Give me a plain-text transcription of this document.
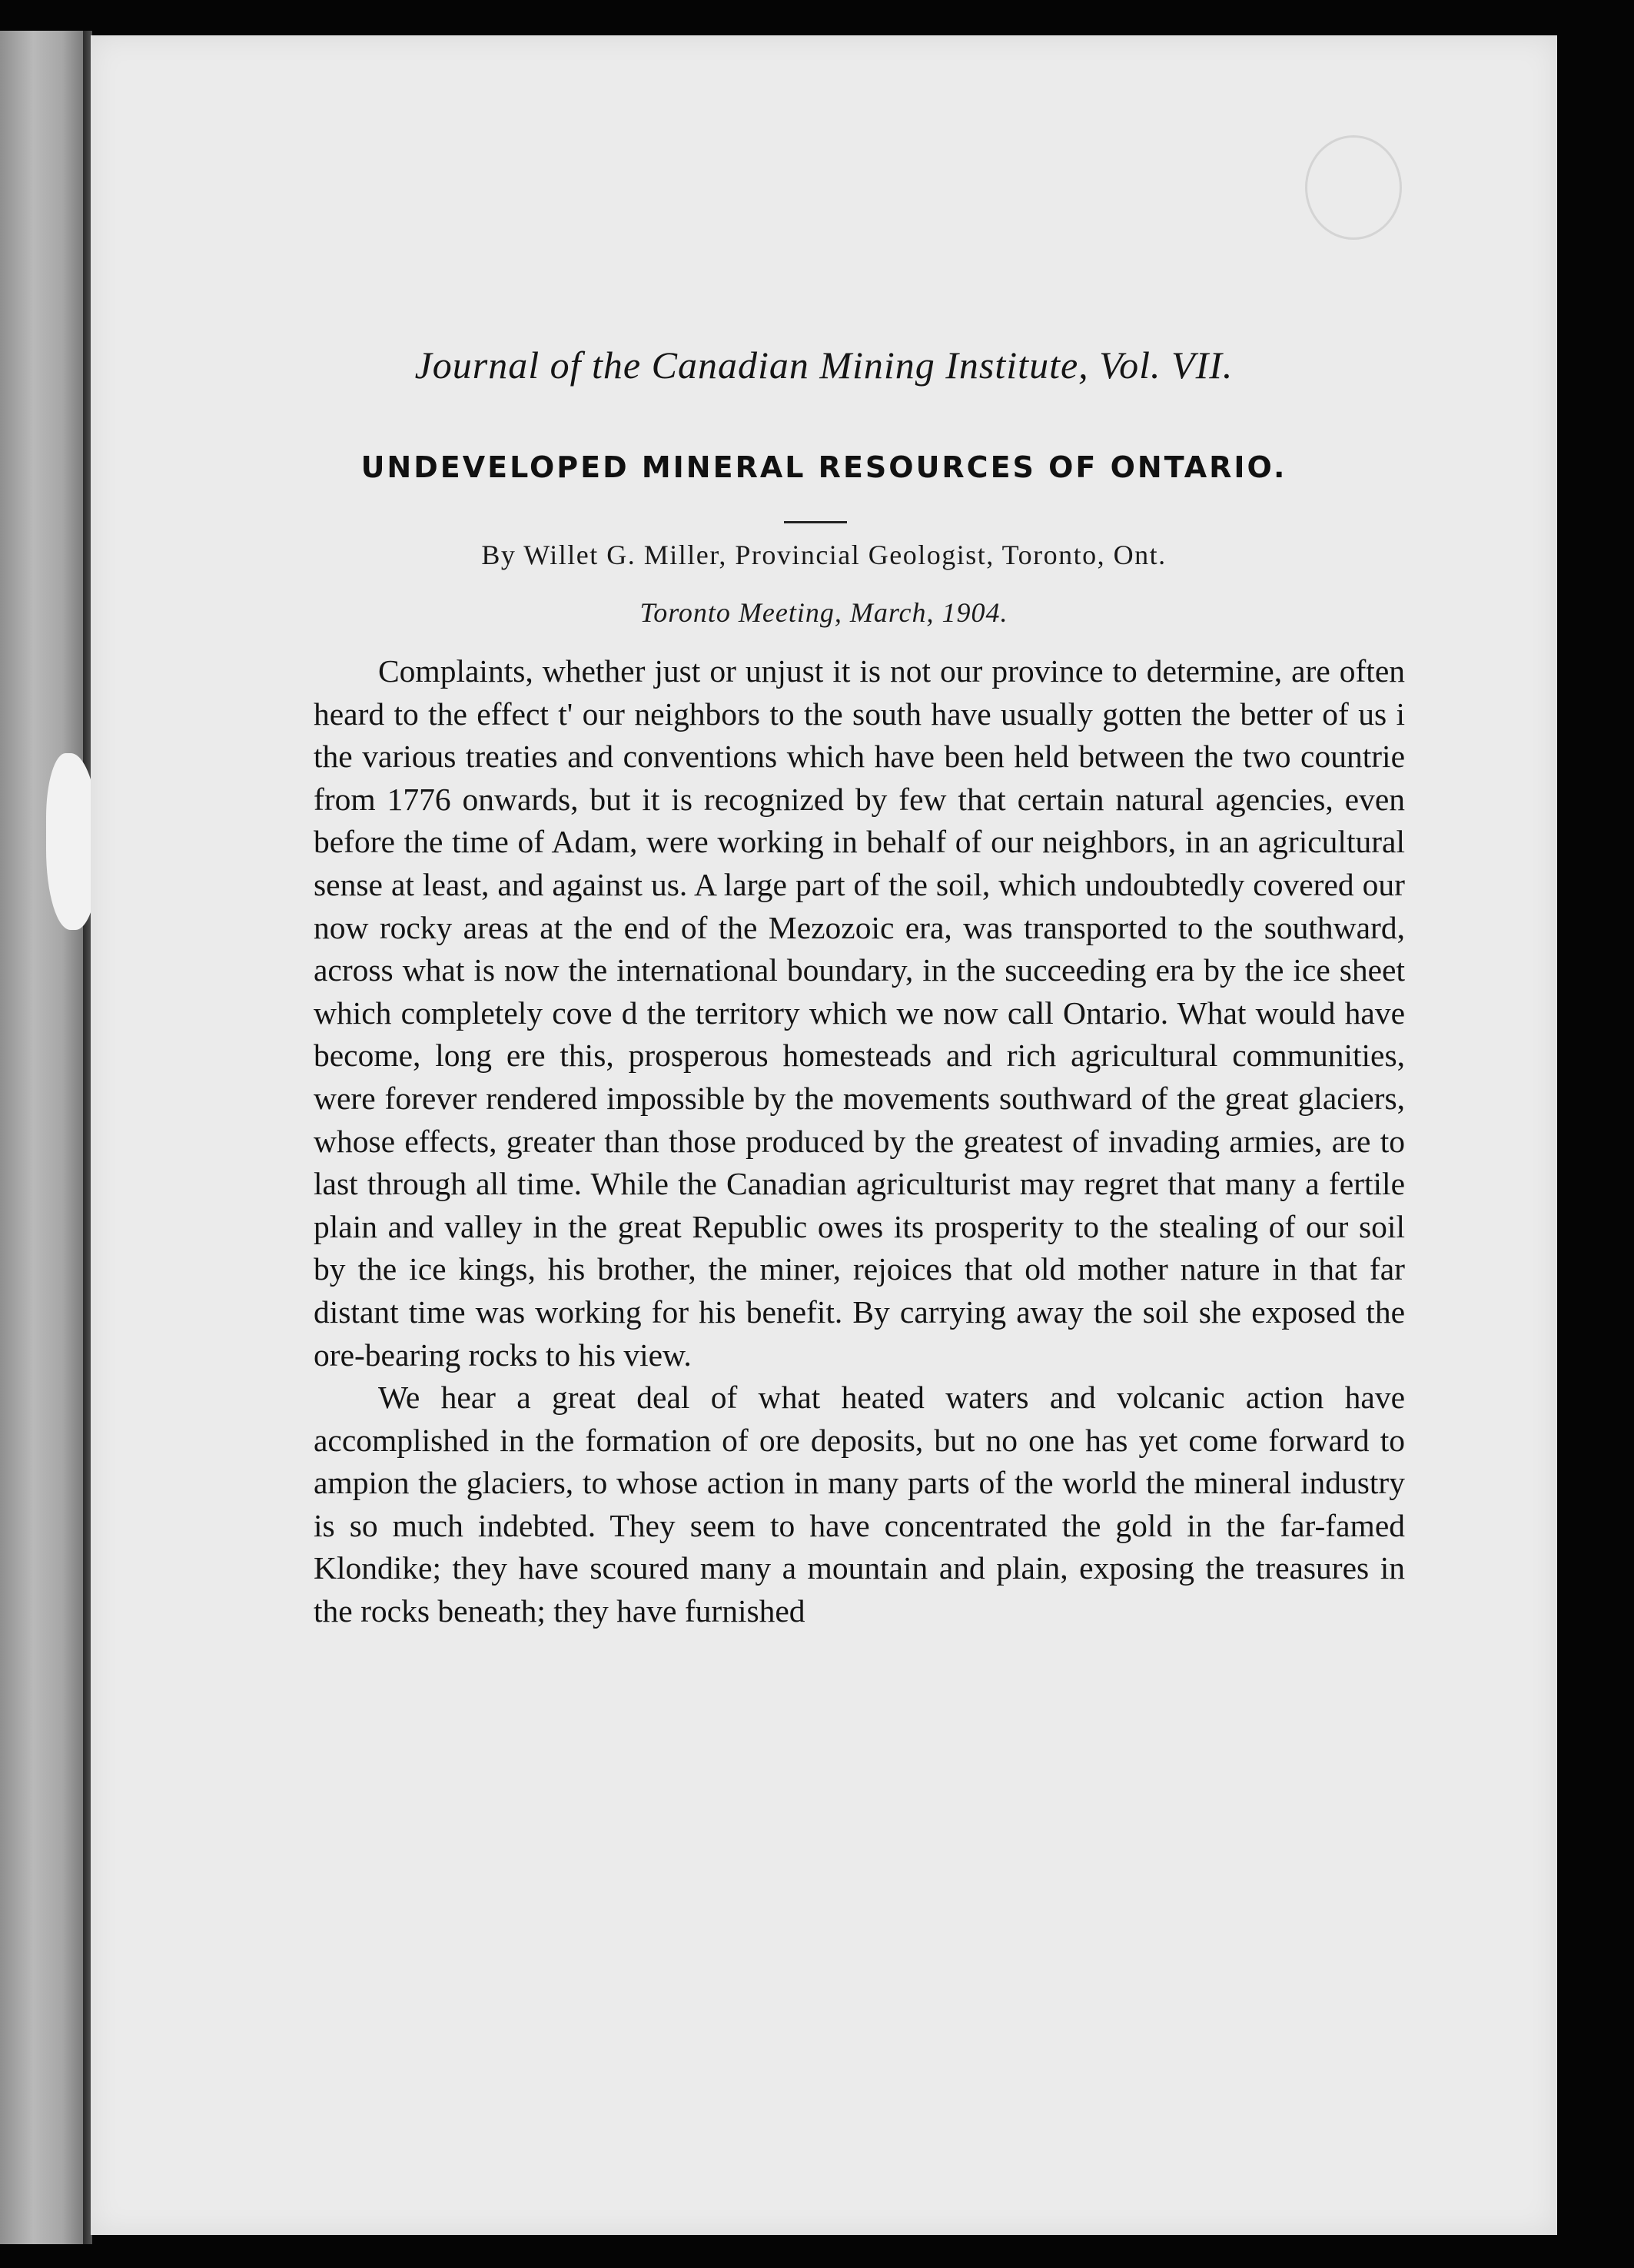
Journal of the Canadian Mining Institute, Vol. VII.
UNDEVELOPED MINERAL RESOURCES OF ONTARIO.
By Willet G. Miller, Provincial Geologist, Toronto, Ont.
Toronto Meeting, March, 1904.

Complaints, whether just or unjust it is not our province to determine, are often heard to the effect t' our neighbors to the south have usually gotten the better of us i the various treaties and conventions which have been held between the two countrie from 1776 onwards, but it is recognized by few that certain natural agencies, even before the time of Adam, were working in behalf of our neighbors, in an agricultural sense at least, and against us. A large part of the soil, which undoubtedly covered our now rocky areas at the end of the Mezozoic era, was transported to the southward, across what is now the international boundary, in the succeeding era by the ice sheet which completely cove d the territory which we now call Ontario. What would have become, long ere this, prosperous homesteads and rich agricultural communities, were forever rendered impossible by the movements southward of the great glaciers, whose effects, greater than those produced by the greatest of invading armies, are to last through all time. While the Canadian agriculturist may regret that many a fertile plain and valley in the great Republic owes its prosperity to the stealing of our soil by the ice kings, his brother, the miner, rejoices that old mother nature in that far distant time was working for his benefit. By carrying away the soil she exposed the ore-bearing rocks to his view.

We hear a great deal of what heated waters and volcanic action have accomplished in the formation of ore deposits, but no one has yet come forward to ampion the glaciers, to whose action in many parts of the world the mineral industry is so much indebted. They seem to have concentrated the gold in the far-famed Klondike; they have scoured many a mountain and plain, exposing the treasures in the rocks beneath; they have furnished
